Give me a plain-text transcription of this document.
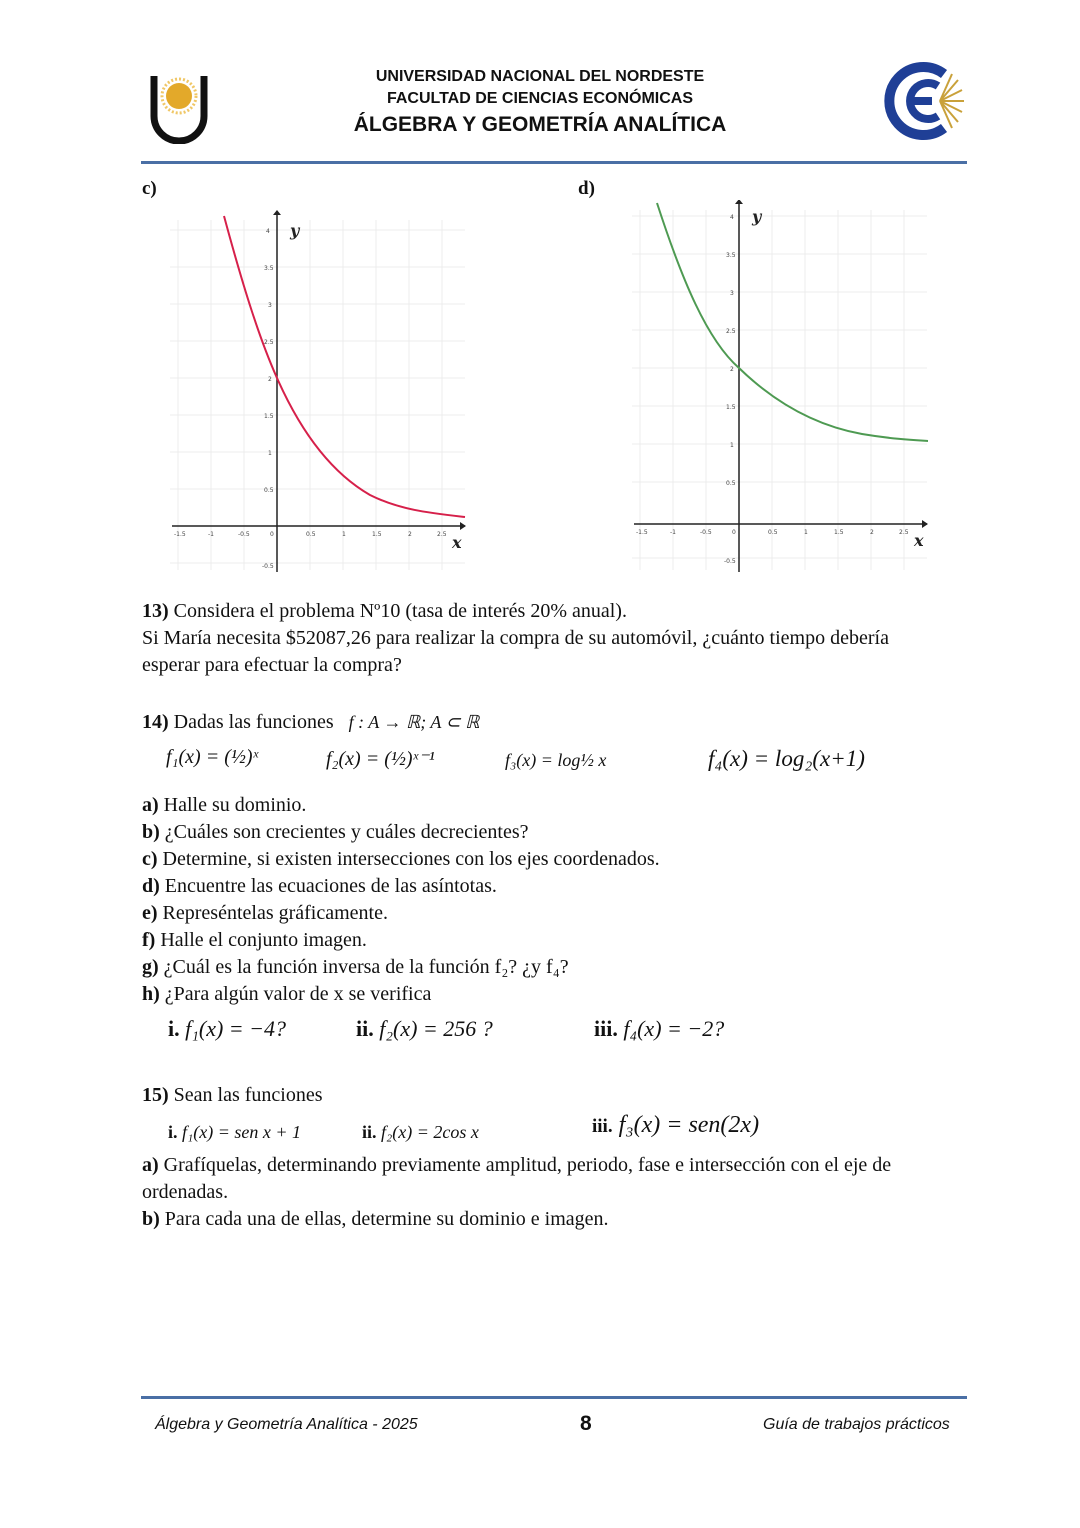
UNIVERSIDAD NACIONAL DEL NORDESTE
FACULTAD DE CIENCIAS ECONÓMICAS
ÁLGEBRA Y GEOMETRÍA ANALÍTICA
c)	d)
-1.5	-1	-0.5	0	0.5	1	1.5	2	2.5
4
3.5
3
2.5
2
1.5
1
0.5
-0.5
y
x
-1.5	-1	-0.5	0	0.5	1	1.5	2	2.5
4
3.5
3
2.5
2
1.5
1
0.5
-0.5
y
x
13) Considera el problema Nº10 (tasa de interés 20% anual).
Si María necesita $52087,26 para realizar la compra de su automóvil, ¿cuánto tiempo debería
esperar para efectuar la compra?
14) Dadas las funciones f : A → ℝ; A ⊂ ℝ
f₁(x) = (½)ˣ	f₂(x) = (½)ˣ⁻¹	f₃(x) = log½ x	f₄(x) = log₂(x+1)
a) Halle su dominio.
b) ¿Cuáles son crecientes y cuáles decrecientes?
c) Determine, si existen intersecciones con los ejes coordenados.
d) Encuentre las ecuaciones de las asíntotas.
e) Represéntelas gráficamente.
f) Halle el conjunto imagen.
g) ¿Cuál es la función inversa de la función f₂? ¿y f₄?
h) ¿Para algún valor de x se verifica
i. f₁(x) = −4?	ii. f₂(x) = 256 ?	iii. f₄(x) = −2?
15) Sean las funciones
i. f₁(x) = sen x + 1	ii. f₂(x) = 2cos x	iii. f₃(x) = sen(2x)
a) Grafíquelas, determinando previamente amplitud, periodo, fase e intersección con el eje de
ordenadas.
b) Para cada una de ellas, determine su dominio e imagen.
Álgebra y Geometría Analítica - 2025	8	Guía de trabajos prácticos
